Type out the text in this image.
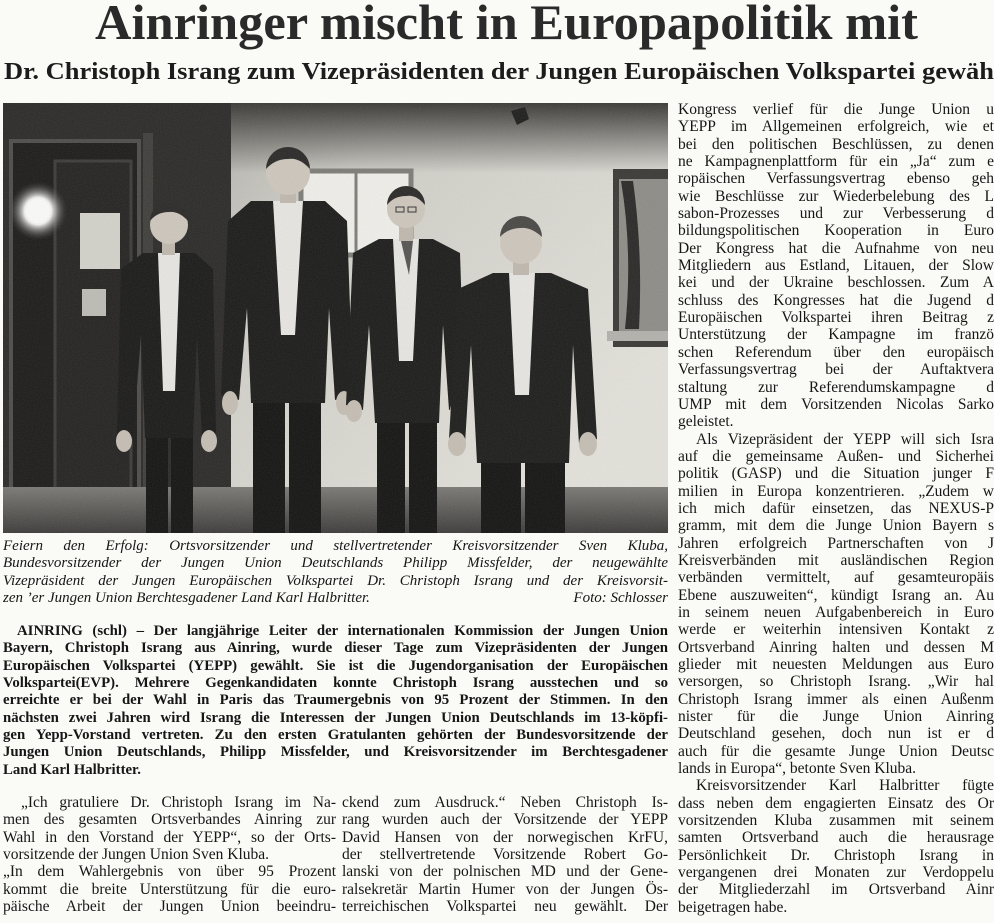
Ainringer mischt in Europapolitik mit
Dr. Christoph Israng zum Vizepräsidenten der Jungen Europäischen Volkspartei gewäh
Foto: Schlosser
Feiern den Erfolg: Ortsvorsitzender und stellvertretender Kreisvorsitzender Sven Kluba,
Bundesvorsitzender der Jungen Union Deutschlands Philipp Missfelder, der neugewählte
Vizepräsident der Jungen Europäischen Volkspartei Dr. Christoph Israng und der Kreisvorsit-
zen ’er Jungen Union Berchtesgadener Land Karl Halbritter.
AINRING (schl) – Der langjährige Leiter der internationalen Kommission der Jungen Union
Bayern, Christoph Israng aus Ainring, wurde dieser Tage zum Vizepräsidenten der Jungen
Europäischen Volkspartei (YEPP) gewählt. Sie ist die Jugendorganisation der Europäischen
Volkspartei(EVP). Mehrere Gegenkandidaten konnte Christoph Israng ausstechen und so
erreichte er bei der Wahl in Paris das Traumergebnis von 95 Prozent der Stimmen. In den
nächsten zwei Jahren wird Israng die Interessen der Jungen Union Deutschlands im 13-köpfi-
gen Yepp-Vorstand vertreten. Zu den ersten Gratulanten gehörten der Bundesvorsitzende der
Jungen Union Deutschlands, Philipp Missfelder, und Kreisvorsitzender im Berchtesgadener
Land Karl Halbritter.
„Ich gratuliere Dr. Christoph Israng im Na-
men des gesamten Ortsverbandes Ainring zur
Wahl in den Vorstand der YEPP“, so der Orts-
vorsitzende der Jungen Union Sven Kluba.
„In dem Wahlergebnis von über 95 Prozent
kommt die breite Unterstützung für die euro-
päische Arbeit der Jungen Union beeindru-
ckend zum Ausdruck.“ Neben Christoph Is-
rang wurden auch der Vorsitzende der YEPP
David Hansen von der norwegischen KrFU,
der stellvertretende Vorsitzende Robert Go-
lanski von der polnischen MD und der Gene-
ralsekretär Martin Humer von der Jungen Ös-
terreichischen Volkspartei neu gewählt. Der
Kongress verlief für die Junge Union u
YEPP im Allgemeinen erfolgreich, wie et
bei den politischen Beschlüssen, zu denen
ne Kampagnenplattform für ein „Ja“ zum e
ropäischen Verfassungsvertrag ebenso geh
wie Beschlüsse zur Wiederbelebung des L
sabon-Prozesses und zur Verbesserung d
bildungspolitischen Kooperation in Euro
Der Kongress hat die Aufnahme von neu
Mitgliedern aus Estland, Litauen, der Slow
kei und der Ukraine beschlossen. Zum A
schluss des Kongresses hat die Jugend d
Europäischen Volkspartei ihren Beitrag z
Unterstützung der Kampagne im franzö
schen Referendum über den europäisch
Verfassungsvertrag bei der Auftaktvera
staltung zur Referendumskampagne d
UMP mit dem Vorsitzenden Nicolas Sarko
geleistet.
Als Vizepräsident der YEPP will sich Isra
auf die gemeinsame Außen- und Sicherhei
politik (GASP) und die Situation junger F
milien in Europa konzentrieren. „Zudem w
ich mich dafür einsetzen, das NEXUS-P
gramm, mit dem die Junge Union Bayern s
Jahren erfolgreich Partnerschaften von J
Kreisverbänden mit ausländischen Region
verbänden vermittelt, auf gesamteuropäis
Ebene auszuweiten“, kündigt Israng an. Au
in seinem neuen Aufgabenbereich in Euro
werde er weiterhin intensiven Kontakt z
Ortsverband Ainring halten und dessen M
glieder mit neuesten Meldungen aus Euro
versorgen, so Christoph Israng. „Wir hal
Christoph Israng immer als einen Außenm
nister für die Junge Union Ainring
Deutschland gesehen, doch nun ist er d
auch für die gesamte Junge Union Deutsc
lands in Europa“, betonte Sven Kluba.
Kreisvorsitzender Karl Halbritter fügte
dass neben dem engagierten Einsatz des Or
vorsitzenden Kluba zusammen mit seinem
samten Ortsverband auch die herausrage
Persönlichkeit Dr. Christoph Israng in
vergangenen drei Monaten zur Verdoppelu
der Mitgliederzahl im Ortsverband Ainr
beigetragen habe.
